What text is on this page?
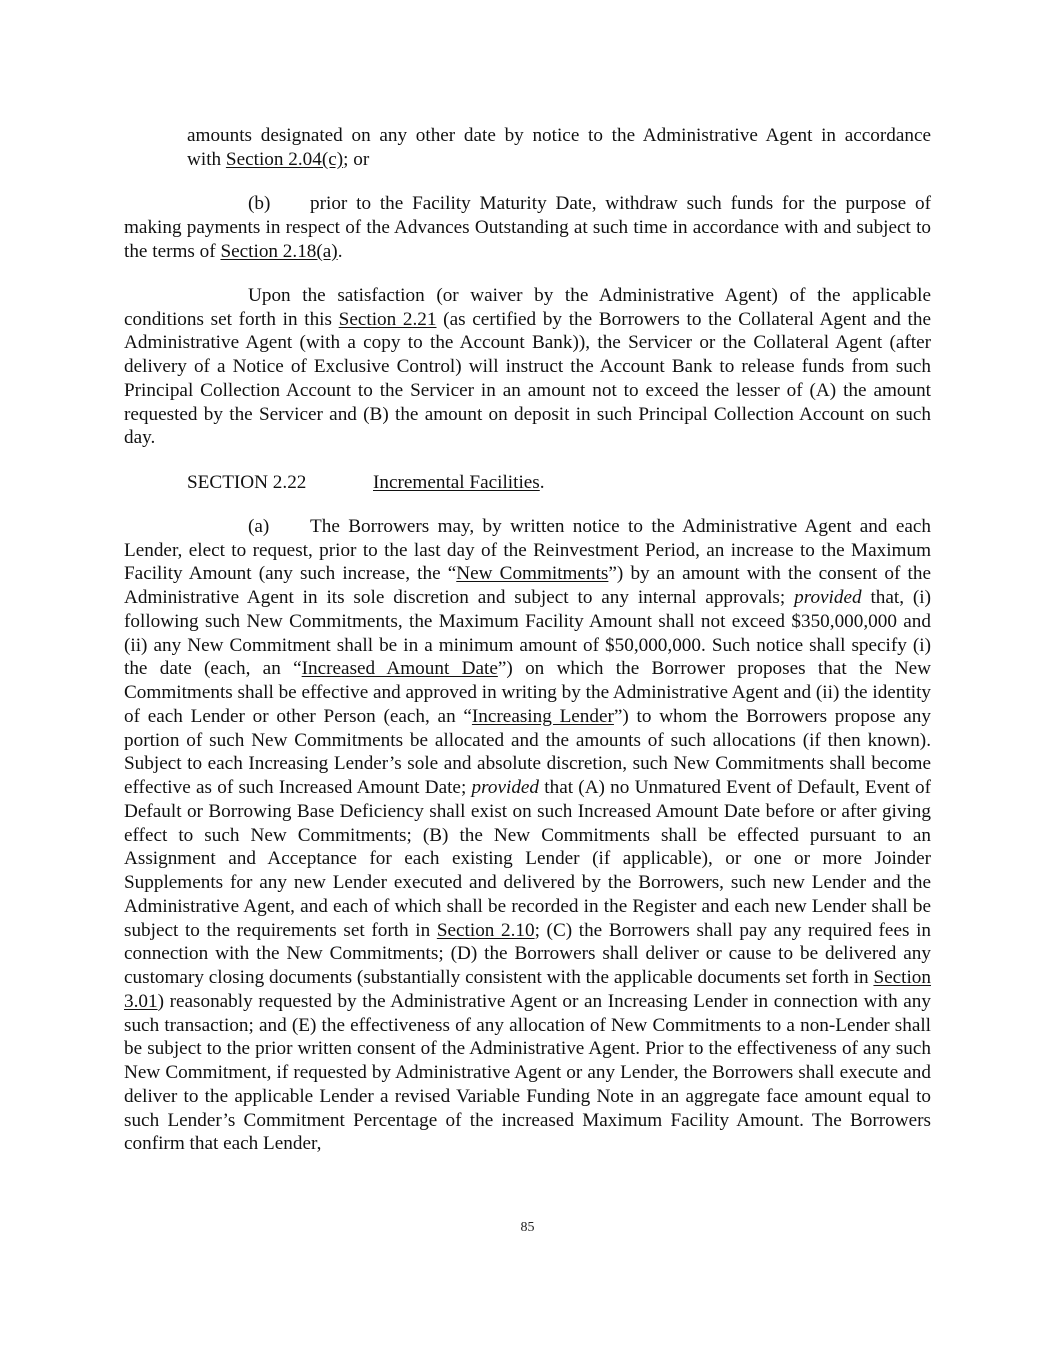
amounts designated on any other date by notice to the Administrative Agent in accordance

with Section 2.04(c); or

(b) prior to the Facility Maturity Date, withdraw such funds for the purpose of making payments in respect of the Advances Outstanding at such time in accordance with and subject to the terms of Section 2.18(a).

Upon the satisfaction (or waiver by the Administrative Agent) of the applicable conditions set forth in this Section 2.21 (as certified by the Borrowers to the Collateral Agent and the Administrative Agent (with a copy to the Account Bank)), the Servicer or the Collateral Agent (after delivery of a Notice of Exclusive Control) will instruct the Account Bank to release funds from such Principal Collection Account to the Servicer in an amount not to exceed the lesser of (A) the amount requested by the Servicer and (B) the amount on deposit in such Principal Collection Account on such day.

SECTION 2.22	Incremental Facilities.

(a) The Borrowers may, by written notice to the Administrative Agent and each Lender, elect to request, prior to the last day of the Reinvestment Period, an increase to the Maximum Facility Amount (any such increase, the “New Commitments”) by an amount with the consent of the Administrative Agent in its sole discretion and subject to any internal approvals; provided that, (i) following such New Commitments, the Maximum Facility Amount shall not exceed $350,000,000 and (ii) any New Commitment shall be in a minimum amount of $50,000,000. Such notice shall specify (i) the date (each, an “Increased Amount Date”) on which the Borrower proposes that the New Commitments shall be effective and approved in writing by the Administrative Agent and (ii) the identity of each Lender or other Person (each, an “Increasing Lender”) to whom the Borrowers propose any portion of such New Commitments be allocated and the amounts of such allocations (if then known). Subject to each Increasing Lender’s sole and absolute discretion, such New Commitments shall become effective as of such Increased Amount Date; provided that (A) no Unmatured Event of Default, Event of Default or Borrowing Base Deficiency shall exist on such Increased Amount Date before or after giving effect to such New Commitments; (B) the New Commitments shall be effected pursuant to an Assignment and Acceptance for each existing Lender (if applicable), or one or more Joinder Supplements for any new Lender executed and delivered by the Borrowers, such new Lender and the Administrative Agent, and each of which shall be recorded in the Register and each new Lender shall be subject to the requirements set forth in Section 2.10; (C) the Borrowers shall pay any required fees in connection with the New Commitments; (D) the Borrowers shall deliver or cause to be delivered any customary closing documents (substantially consistent with the applicable documents set forth in Section 3.01) reasonably requested by the Administrative Agent or an Increasing Lender in connection with any such transaction; and (E) the effectiveness of any allocation of New Commitments to a non-Lender shall be subject to the prior written consent of the Administrative Agent. Prior to the effectiveness of any such New Commitment, if requested by Administrative Agent or any Lender, the Borrowers shall execute and deliver to the applicable Lender a revised Variable Funding Note in an aggregate face amount equal to such Lender’s Commitment Percentage of the increased Maximum Facility Amount. The Borrowers confirm that each Lender,

85
